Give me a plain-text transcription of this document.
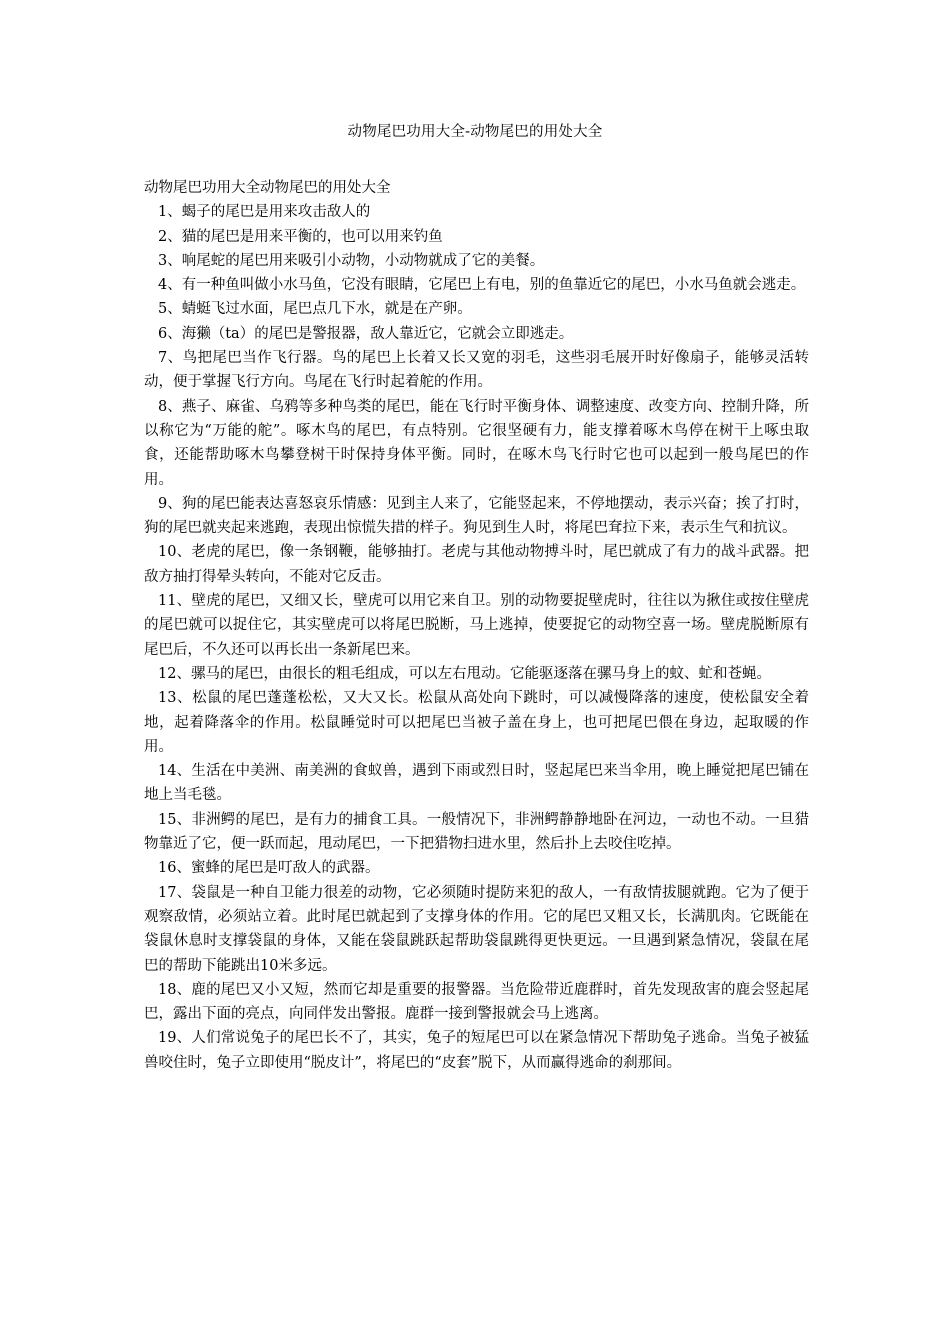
动物尾巴功用大全-动物尾巴的用处大全

动物尾巴功用大全动物尾巴的用处大全

1、蝎子的尾巴是用来攻击敌人的

2、猫的尾巴是用来平衡的，也可以用来钓鱼

3、响尾蛇的尾巴用来吸引小动物，小动物就成了它的美餐。

4、有一种鱼叫做小水马鱼，它没有眼睛，它尾巴上有电，别的鱼靠近它的尾巴，小水马鱼就会逃走。

5、蜻蜓飞过水面，尾巴点几下水，就是在产卵。

6、海獭（ta）的尾巴是警报器，敌人靠近它，它就会立即逃走。

7、鸟把尾巴当作飞行器。鸟的尾巴上长着又长又宽的羽毛，这些羽毛展开时好像扇子，能够灵活转动，便于掌握飞行方向。鸟尾在飞行时起着舵的作用。

8、燕子、麻雀、乌鸦等多种鸟类的尾巴，能在飞行时平衡身体、调整速度、改变方向、控制升降，所以称它为“万能的舵”。啄木鸟的尾巴，有点特别。它很坚硬有力，能支撑着啄木鸟停在树干上啄虫取食，还能帮助啄木鸟攀登树干时保持身体平衡。同时，在啄木鸟飞行时它也可以起到一般鸟尾巴的作用。

9、狗的尾巴能表达喜怒哀乐情感：见到主人来了，它能竖起来，不停地摆动，表示兴奋；挨了打时，狗的尾巴就夹起来逃跑，表现出惊慌失措的样子。狗见到生人时，将尾巴耷拉下来，表示生气和抗议。

10、老虎的尾巴，像一条钢鞭，能够抽打。老虎与其他动物搏斗时，尾巴就成了有力的战斗武器。把敌方抽打得晕头转向，不能对它反击。

11、壁虎的尾巴，又细又长，壁虎可以用它来自卫。别的动物要捉壁虎时，往往以为揪住或按住壁虎的尾巴就可以捉住它，其实壁虎可以将尾巴脱断，马上逃掉，使要捉它的动物空喜一场。壁虎脱断原有尾巴后，不久还可以再长出一条新尾巴来。

12、骡马的尾巴，由很长的粗毛组成，可以左右甩动。它能驱逐落在骡马身上的蚊、虻和苍蝇。

13、松鼠的尾巴蓬蓬松松，又大又长。松鼠从高处向下跳时，可以减慢降落的速度，使松鼠安全着地，起着降落伞的作用。松鼠睡觉时可以把尾巴当被子盖在身上，也可把尾巴偎在身边，起取暖的作用。

14、生活在中美洲、南美洲的食蚁兽，遇到下雨或烈日时，竖起尾巴来当伞用，晚上睡觉把尾巴铺在地上当毛毯。

15、非洲鳄的尾巴，是有力的捕食工具。一般情况下，非洲鳄静静地卧在河边，一动也不动。一旦猎物靠近了它，便一跃而起，甩动尾巴，一下把猎物扫进水里，然后扑上去咬住吃掉。

16、蜜蜂的尾巴是叮敌人的武器。

17、袋鼠是一种自卫能力很差的动物，它必须随时提防来犯的敌人，一有敌情拔腿就跑。它为了便于观察敌情，必须站立着。此时尾巴就起到了支撑身体的作用。它的尾巴又粗又长，长满肌肉。它既能在袋鼠休息时支撑袋鼠的身体，又能在袋鼠跳跃起帮助袋鼠跳得更快更远。一旦遇到紧急情况，袋鼠在尾巴的帮助下能跳出10米多远。

18、鹿的尾巴又小又短，然而它却是重要的报警器。当危险带近鹿群时，首先发现敌害的鹿会竖起尾巴，露出下面的亮点，向同伴发出警报。鹿群一接到警报就会马上逃离。

19、人们常说兔子的尾巴长不了，其实，兔子的短尾巴可以在紧急情况下帮助兔子逃命。当兔子被猛兽咬住时，兔子立即使用“脱皮计”，将尾巴的“皮套”脱下，从而赢得逃命的刹那间。
